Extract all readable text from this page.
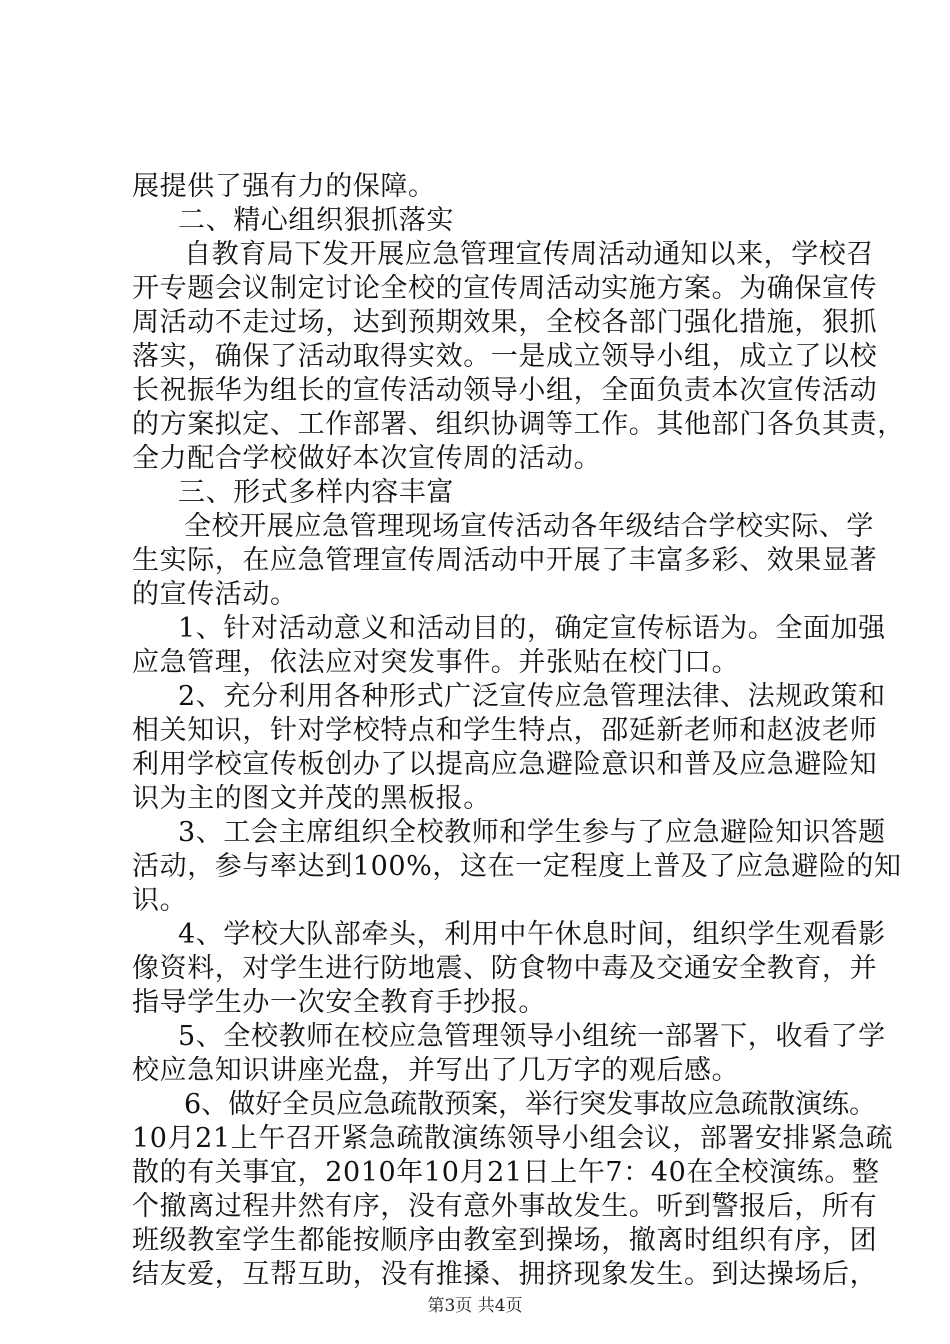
展提供了强有力的保障。
二、精心组织狠抓落实
自教育局下发开展应急管理宣传周活动通知以来，学校召
开专题会议制定讨论全校的宣传周活动实施方案。为确保宣传
周活动不走过场，达到预期效果，全校各部门强化措施，狠抓
落实，确保了活动取得实效。一是成立领导小组，成立了以校
长祝振华为组长的宣传活动领导小组，全面负责本次宣传活动
的方案拟定、工作部署、组织协调等工作。其他部门各负其责，
全力配合学校做好本次宣传周的活动。
三、形式多样内容丰富
全校开展应急管理现场宣传活动各年级结合学校实际、学
生实际，在应急管理宣传周活动中开展了丰富多彩、效果显著
的宣传活动。
1、针对活动意义和活动目的，确定宣传标语为。全面加强
应急管理，依法应对突发事件。并张贴在校门口。
2、充分利用各种形式广泛宣传应急管理法律、法规政策和
相关知识，针对学校特点和学生特点，邵延新老师和赵波老师
利用学校宣传板创办了以提高应急避险意识和普及应急避险知
识为主的图文并茂的黑板报。
3、工会主席组织全校教师和学生参与了应急避险知识答题
活动，参与率达到100%，这在一定程度上普及了应急避险的知
识。
4、学校大队部牵头，利用中午休息时间，组织学生观看影
像资料，对学生进行防地震、防食物中毒及交通安全教育，并
指导学生办一次安全教育手抄报。
5、全校教师在校应急管理领导小组统一部署下，收看了学
校应急知识讲座光盘，并写出了几万字的观后感。
6、做好全员应急疏散预案，举行突发事故应急疏散演练。
10月21上午召开紧急疏散演练领导小组会议，部署安排紧急疏
散的有关事宜，2010年10月21日上午7：40在全校演练。整
个撤离过程井然有序，没有意外事故发生。听到警报后，所有
班级教室学生都能按顺序由教室到操场，撤离时组织有序，团
结友爱，互帮互助，没有推搡、拥挤现象发生。到达操场后，
第3页 共4页
